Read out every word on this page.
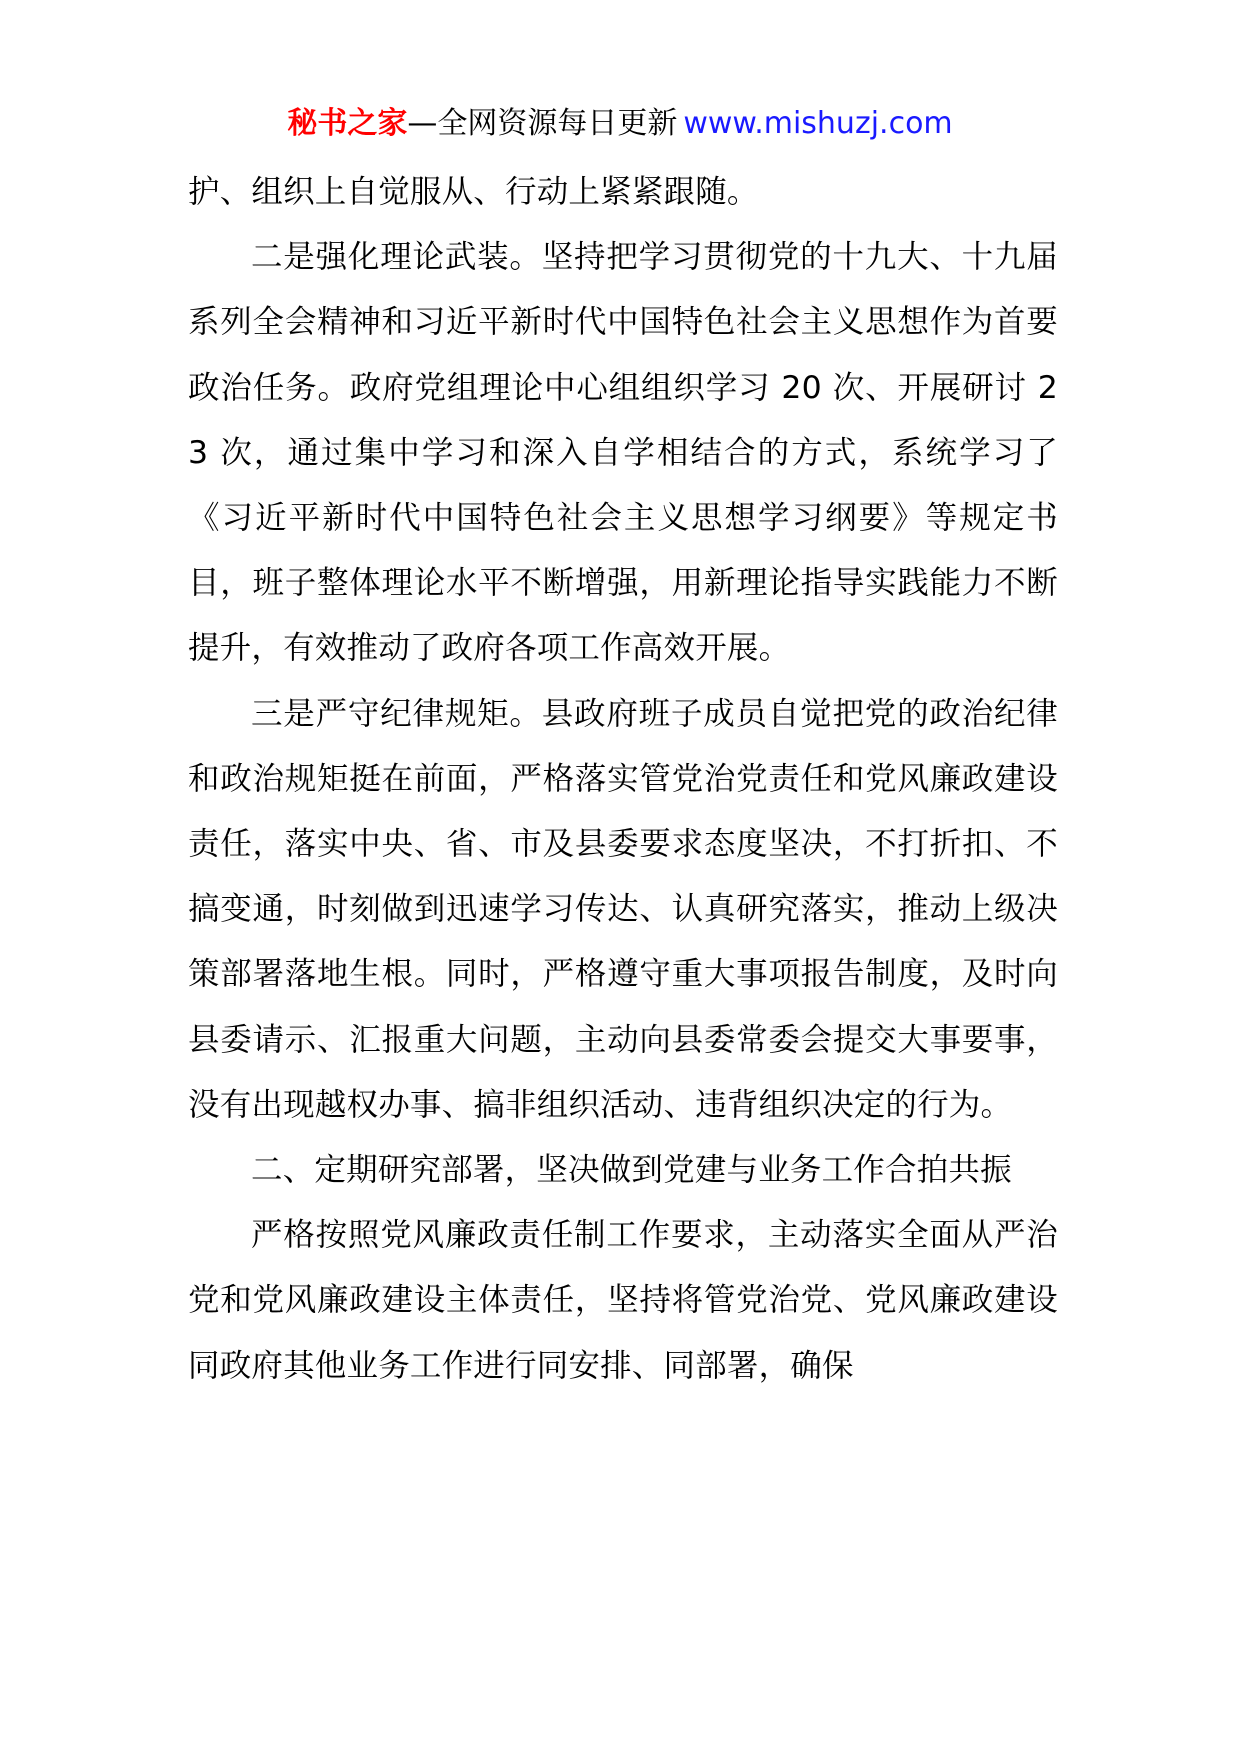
秘书之家—全网资源每日更新 www.mishuzj.com

护、组织上自觉服从、行动上紧紧跟随。

二是强化理论武装。坚持把学习贯彻党的十九大、十九届系列全会精神和习近平新时代中国特色社会主义思想作为首要政治任务。政府党组理论中心组组织学习 20 次、开展研讨 23 次，通过集中学习和深入自学相结合的方式，系统学习了《习近平新时代中国特色社会主义思想学习纲要》等规定书目，班子整体理论水平不断增强，用新理论指导实践能力不断提升，有效推动了政府各项工作高效开展。

三是严守纪律规矩。县政府班子成员自觉把党的政治纪律和政治规矩挺在前面，严格落实管党治党责任和党风廉政建设责任，落实中央、省、市及县委要求态度坚决，不打折扣、不搞变通，时刻做到迅速学习传达、认真研究落实，推动上级决策部署落地生根。同时，严格遵守重大事项报告制度，及时向县委请示、汇报重大问题，主动向县委常委会提交大事要事，没有出现越权办事、搞非组织活动、违背组织决定的行为。

二、定期研究部署，坚决做到党建与业务工作合拍共振

严格按照党风廉政责任制工作要求，主动落实全面从严治党和党风廉政建设主体责任，坚持将管党治党、党风廉政建设同政府其他业务工作进行同安排、同部署，确保
